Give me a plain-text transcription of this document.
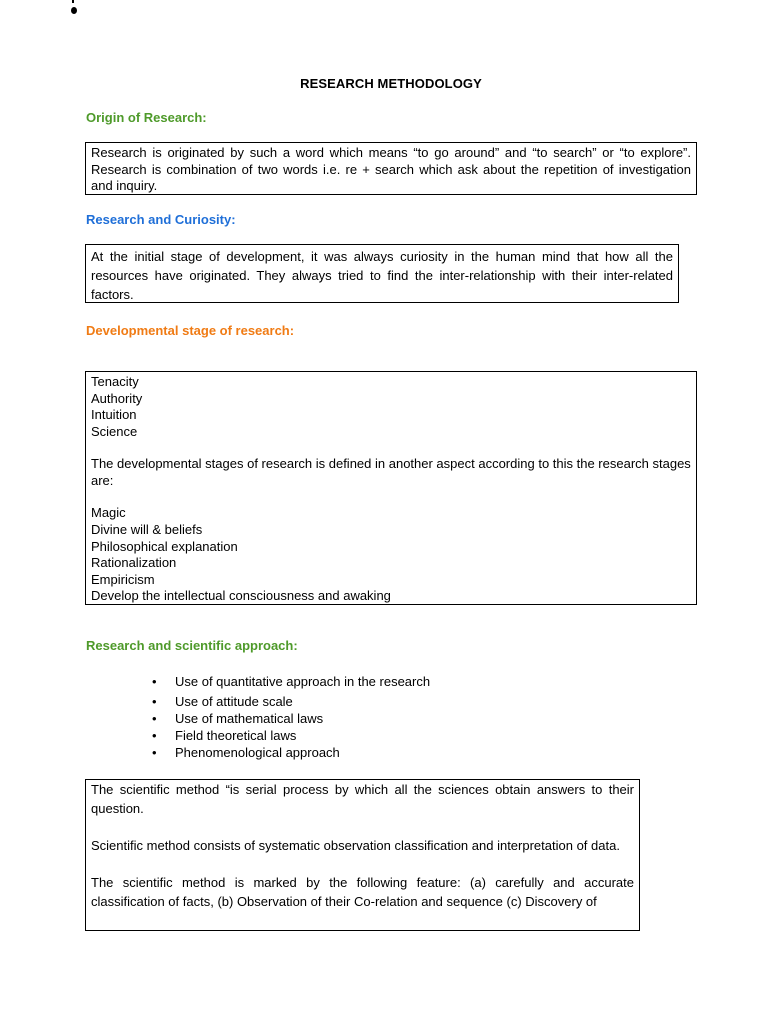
RESEARCH METHODOLOGY
Origin of Research:

Research is originated by such a word which means “to go around” and “to search” or “to explore”. Research is combination of two words i.e. re + search which ask about the repetition of investigation and inquiry.

Research and Curiosity:

At the initial stage of development, it was always curiosity in the human mind that how all the resources have originated. They always tried to find the inter-relationship with their inter-related factors.

Developmental stage of research:
Tenacity
Authority
Intuition
Science

The developmental stages of research is defined in another aspect according to this the research stages are:

Magic
Divine will & beliefs
Philosophical explanation
Rationalization
Empiricism
Develop the intellectual consciousness and awaking
Research and scientific approach:
• Use of quantitative approach in the research
• Use of attitude scale
• Use of mathematical laws
• Field theoretical laws
• Phenomenological approach

The scientific method “is serial process by which all the sciences obtain answers to their question.

Scientific method consists of systematic observation classification and interpretation of data.

The scientific method is marked by the following feature: (a) carefully and accurate classification of facts, (b) Observation of their Co-relation and sequence (c) Discovery of
